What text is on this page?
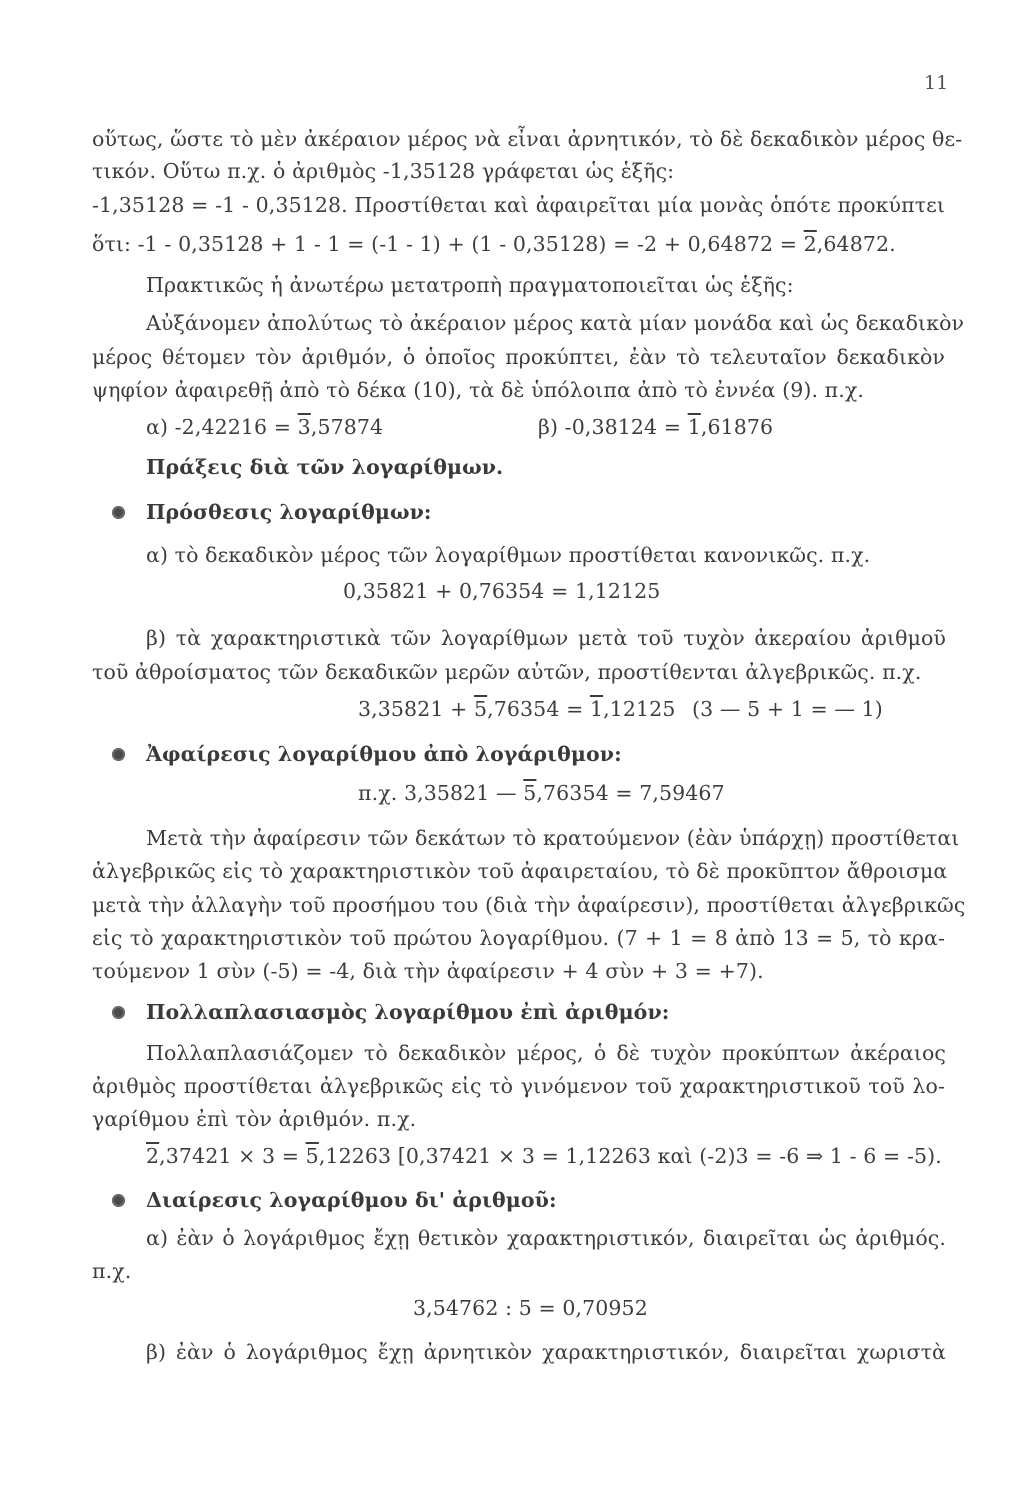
11
οὕτως, ὥστε τὸ μὲν ἀκέραιον μέρος νὰ εἶναι ἀρνητικόν, τὸ δὲ δεκαδικὸν μέρος θε-
τικόν. Οὕτω π.χ. ὁ ἀριθμὸς -1,35128 γράφεται ὡς ἑξῆς:
-1,35128 = -1 - 0,35128. Προστίθεται καὶ ἀφαιρεῖται μία μονὰς ὁπότε προκύπτει
ὅτι: -1 - 0,35128 + 1 - 1 = (-1 - 1) + (1 - 0,35128) = -2 + 0,64872 = 2,64872.
Πρακτικῶς ἡ ἀνωτέρω μετατροπὴ πραγματοποιεῖται ὡς ἑξῆς:
Αὐξάνομεν ἀπολύτως τὸ ἀκέραιον μέρος κατὰ μίαν μονάδα καὶ ὡς δεκαδικὸν
μέρος θέτομεν τὸν ἀριθμόν, ὁ ὁποῖος προκύπτει, ἐὰν τὸ τελευταῖον δεκαδικὸν
ψηφίον ἀφαιρεθῇ ἀπὸ τὸ δέκα (10), τὰ δὲ ὑπόλοιπα ἀπὸ τὸ ἐννέα (9). π.χ.
α) -2,42216 = 3,57874	β) -0,38124 = 1,61876
Πράξεις διὰ τῶν λογαρίθμων.
Πρόσθεσις λογαρίθμων:
α) τὸ δεκαδικὸν μέρος τῶν λογαρίθμων προστίθεται κανονικῶς. π.χ.
0,35821 + 0,76354 = 1,12125
β) τὰ χαρακτηριστικὰ τῶν λογαρίθμων μετὰ τοῦ τυχὸν ἀκεραίου ἀριθμοῦ
τοῦ ἀθροίσματος τῶν δεκαδικῶν μερῶν αὐτῶν, προστίθενται ἀλγεβρικῶς. π.χ.
3,35821 + 5,76354 = 1,12125 (3 — 5 + 1 = — 1)
Ἀφαίρεσις λογαρίθμου ἀπὸ λογάριθμον:
π.χ. 3,35821 — 5,76354 = 7,59467
Μετὰ τὴν ἀφαίρεσιν τῶν δεκάτων τὸ κρατούμενον (ἐὰν ὑπάρχῃ) προστίθεται
ἀλγεβρικῶς εἰς τὸ χαρακτηριστικὸν τοῦ ἀφαιρεταίου, τὸ δὲ προκῦπτον ἄθροισμα
μετὰ τὴν ἀλλαγὴν τοῦ προσήμου του (διὰ τὴν ἀφαίρεσιν), προστίθεται ἀλγεβρικῶς
εἰς τὸ χαρακτηριστικὸν τοῦ πρώτου λογαρίθμου. (7 + 1 = 8 ἀπὸ 13 = 5, τὸ κρα-
τούμενον 1 σὺν (-5) = -4, διὰ τὴν ἀφαίρεσιν + 4 σὺν + 3 = +7).
Πολλαπλασιασμὸς λογαρίθμου ἐπὶ ἀριθμόν:
Πολλαπλασιάζομεν τὸ δεκαδικὸν μέρος, ὁ δὲ τυχὸν προκύπτων ἀκέραιος
ἀριθμὸς προστίθεται ἀλγεβρικῶς εἰς τὸ γινόμενον τοῦ χαρακτηριστικοῦ τοῦ λο-
γαρίθμου ἐπὶ τὸν ἀριθμόν. π.χ.
2,37421 × 3 = 5,12263 [0,37421 × 3 = 1,12263 καὶ (-2)3 = -6 ⇒ 1 - 6 = -5).
Διαίρεσις λογαρίθμου δι' ἀριθμοῦ:
α) ἐὰν ὁ λογάριθμος ἔχῃ θετικὸν χαρακτηριστικόν, διαιρεῖται ὡς ἀριθμός.
π.χ.
3,54762 : 5 = 0,70952
β) ἐὰν ὁ λογάριθμος ἔχῃ ἀρνητικὸν χαρακτηριστικόν, διαιρεῖται χωριστὰ
